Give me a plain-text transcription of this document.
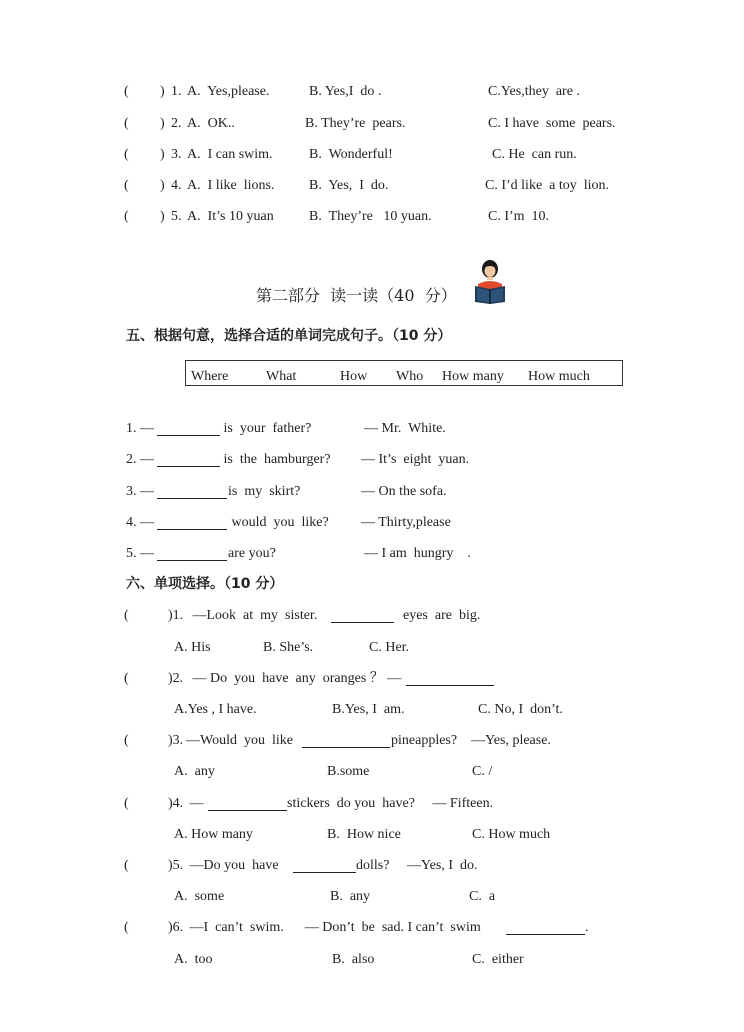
( ) 1. A.  Yes,please.	B. Yes,I  do .	C.Yes,they  are .
( ) 2. A.  OK..	B. They’re  pears.	C. I have  some  pears.
( ) 3. A.  I can swim.	B.  Wonderful!	C. He  can run.
( ) 4. A.  I like  lions. B.  Yes,  I  do.	C. I’d like  a toy  lion.
( ) 5. A.  It’s 10 yuan	B.  They’re   10 yuan.	C. I’m  10.
第二部分  读一读（40  分）
五、根据句意，选择合适的单词完成句子。（10 分）
Where	What	How Who How many How much
1. —	is  your  father?	— Mr.  White.
2. —	is  the  hamburger? — It’s  eight  yuan.
3. —	is  my  skirt?	— On the sofa.
4. —	would  you  like? — Thirty,please
5. —	are you?	— I am  hungry    .
六、单项选择。（10 分）
(	)1. —Look  at  my  sister.	eyes  are  big.
A. His	B. She’s.	C. Her.
(	)2. — Do  you  have  any  oranges ？ —
A.Yes , I have.	B.Yes, I  am.	C. No, I  don’t.
(	)3. —Would  you  like	pineapples?    —Yes, please.
A.  any	B.some	C. /
(	)4. —	stickers  do you  have?     — Fifteen.
A. How many	B.  How nice	C. How much
(	)5. —Do you  have	dolls?     —Yes, I  do.
A.  some	B.  any	C.  a
(	)6. —I  can’t  swim.      — Don’t  be  sad. I can’t  swim	.
A.  too	B.  also	C.  either
